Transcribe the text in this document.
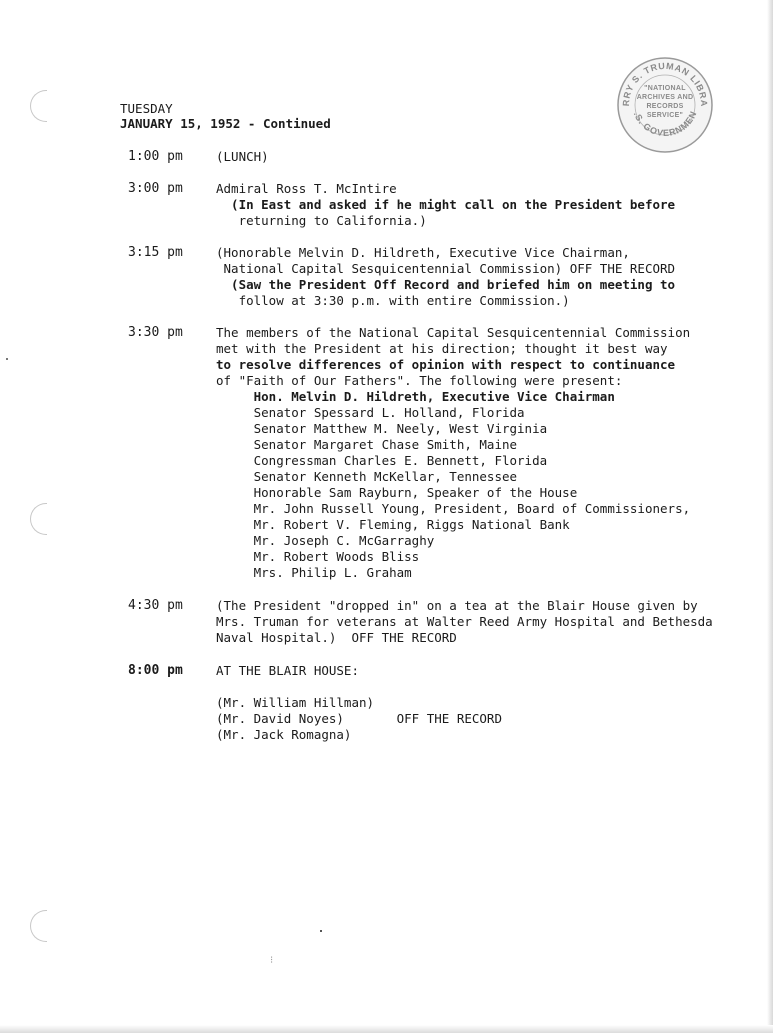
RRY S. TRUMAN LIBRA
.S. GOVERNMEN
"NATIONAL
ARCHIVES AND
RECORDS
SERVICE"
TUESDAY
JANUARY 15, 1952 - Continued
1:00 pm	(LUNCH)
3:00 pm	Admiral Ross T. McIntire
(In East and asked if he might call on the President before
returning to California.)
3:15 pm	(Honorable Melvin D. Hildreth, Executive Vice Chairman,
National Capital Sesquicentennial Commission) OFF THE RECORD
(Saw the President Off Record and briefed him on meeting to
follow at 3:30 p.m. with entire Commission.)
3:30 pm	The members of the National Capital Sesquicentennial Commission
met with the President at his direction; thought it best way
to resolve differences of opinion with respect to continuance
of "Faith of Our Fathers". The following were present:
Hon. Melvin D. Hildreth, Executive Vice Chairman
Senator Spessard L. Holland, Florida
Senator Matthew M. Neely, West Virginia
Senator Margaret Chase Smith, Maine
Congressman Charles E. Bennett, Florida
Senator Kenneth McKellar, Tennessee
Honorable Sam Rayburn, Speaker of the House
Mr. John Russell Young, President, Board of Commissioners,
Mr. Robert V. Fleming, Riggs National Bank
Mr. Joseph C. McGarraghy
Mr. Robert Woods Bliss
Mrs. Philip L. Graham
4:30 pm	(The President "dropped in" on a tea at the Blair House given by
Mrs. Truman for veterans at Walter Reed Army Hospital and Bethesda
Naval Hospital.)  OFF THE RECORD
8:00 pm	AT THE BLAIR HOUSE:
(Mr. William Hillman)
(Mr. David Noyes)       OFF THE RECORD
(Mr. Jack Romagna)
⁝
